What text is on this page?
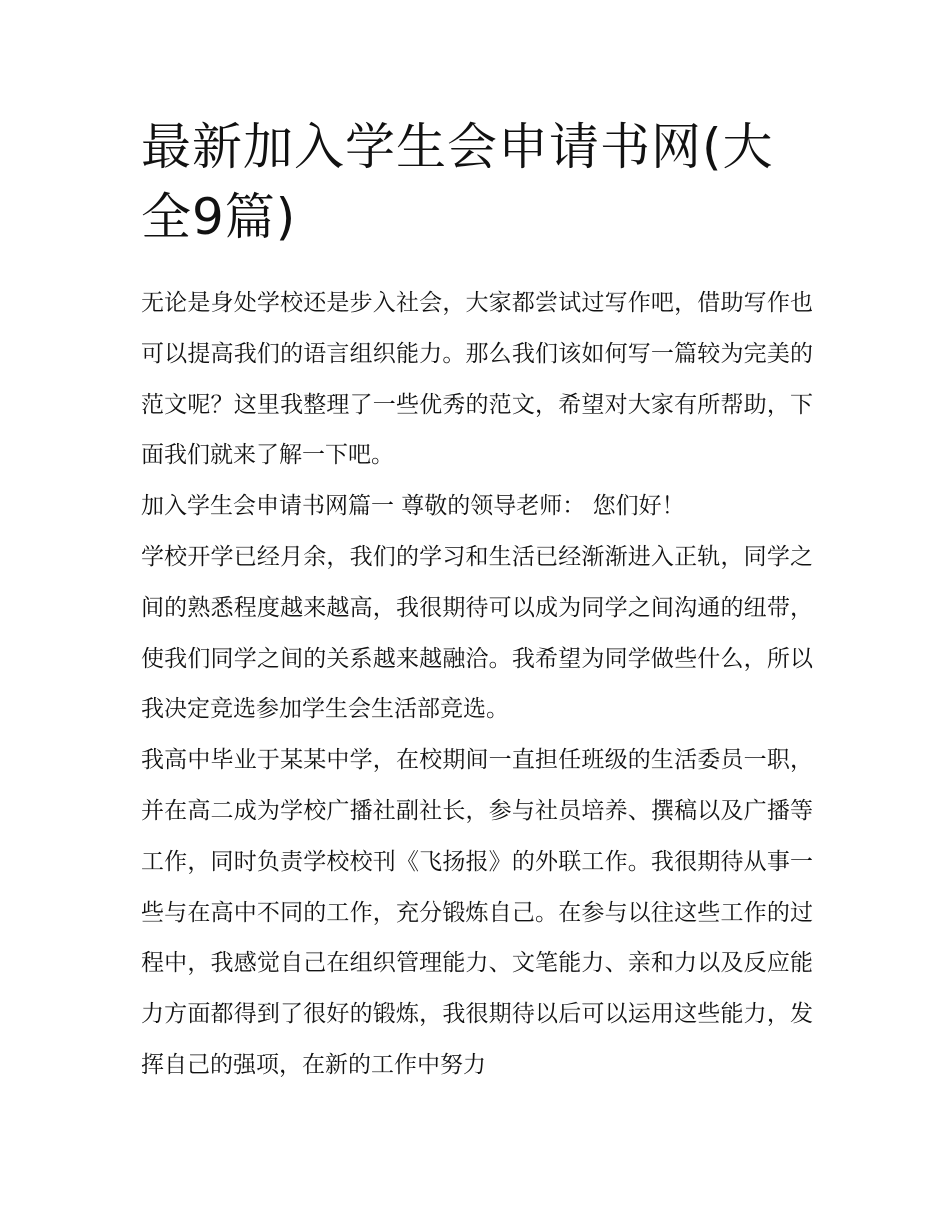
最新加入学生会申请书网(大全9篇)

无论是身处学校还是步入社会，大家都尝试过写作吧，借助写作也可以提高我们的语言组织能力。那么我们该如何写一篇较为完美的范文呢？这里我整理了一些优秀的范文，希望对大家有所帮助，下面我们就来了解一下吧。

加入学生会申请书网篇一 尊敬的领导老师： 您们好！

学校开学已经月余，我们的学习和生活已经渐渐进入正轨，同学之间的熟悉程度越来越高，我很期待可以成为同学之间沟通的纽带，使我们同学之间的关系越来越融洽。我希望为同学做些什么，所以我决定竞选参加学生会生活部竞选。

我高中毕业于某某中学，在校期间一直担任班级的生活委员一职，并在高二成为学校广播社副社长，参与社员培养、撰稿以及广播等工作，同时负责学校校刊《飞扬报》的外联工作。我很期待从事一些与在高中不同的工作，充分锻炼自己。在参与以往这些工作的过程中，我感觉自己在组织管理能力、文笔能力、亲和力以及反应能力方面都得到了很好的锻炼，我很期待以后可以运用这些能力，发挥自己的强项，在新的工作中努力
